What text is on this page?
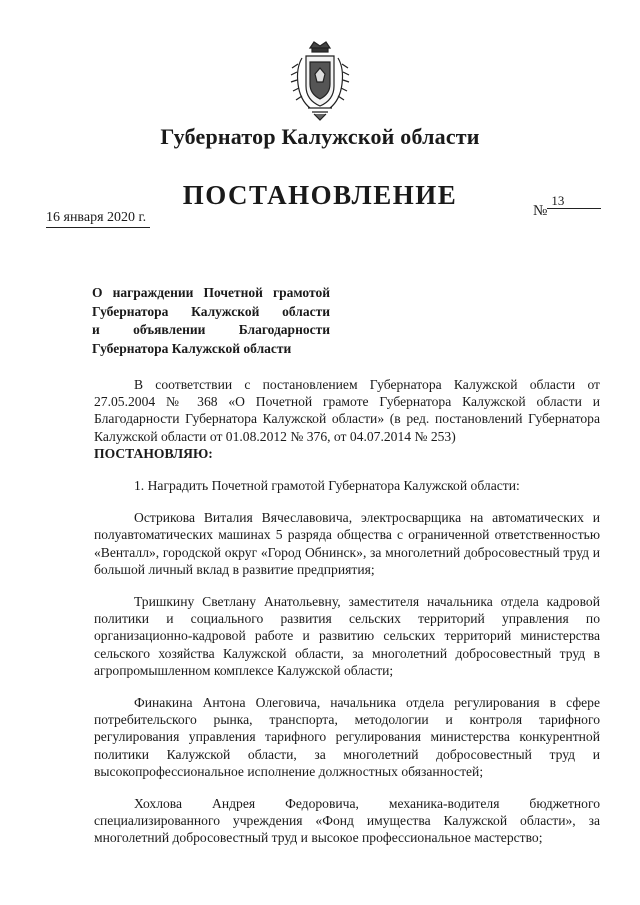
Губернатор Калужской области
ПОСТАНОВЛЕНИЕ
16 января 2020 г.	№13
О награждении Почетной грамотой
Губернатора Калужской области
и объявлении Благодарности
Губернатора Калужской области

В соответствии с постановлением Губернатора Калужской области от 27.05.2004 № 368 «О Почетной грамоте Губернатора Калужской области и Благодарности Губернатора Калужской области» (в ред. постановлений Губернатора Калужской области от 01.08.2012 № 376, от 04.07.2014 № 253)

ПОСТАНОВЛЯЮ:

1. Наградить Почетной грамотой Губернатора Калужской области:

Острикова Виталия Вячеславовича, электросварщика на автоматических и полуавтоматических машинах 5 разряда общества с ограниченной ответственностью «Венталл», городской округ «Город Обнинск», за многолетний добросовестный труд и большой личный вклад в развитие предприятия;

Тришкину Светлану Анатольевну, заместителя начальника отдела кадровой политики и социального развития сельских территорий управления по организационно-кадровой работе и развитию сельских территорий министерства сельского хозяйства Калужской области, за многолетний добросовестный труд в агропромышленном комплексе Калужской области;

Финакина Антона Олеговича, начальника отдела регулирования в сфере потребительского рынка, транспорта, методологии и контроля тарифного регулирования управления тарифного регулирования министерства конкурентной политики Калужской области, за многолетний добросовестный труд и высокопрофессиональное исполнение должностных обязанностей;

Хохлова Андрея Федоровича, механика-водителя бюджетного специализированного учреждения «Фонд имущества Калужской области», за многолетний добросовестный труд и высокое профессиональное мастерство;
